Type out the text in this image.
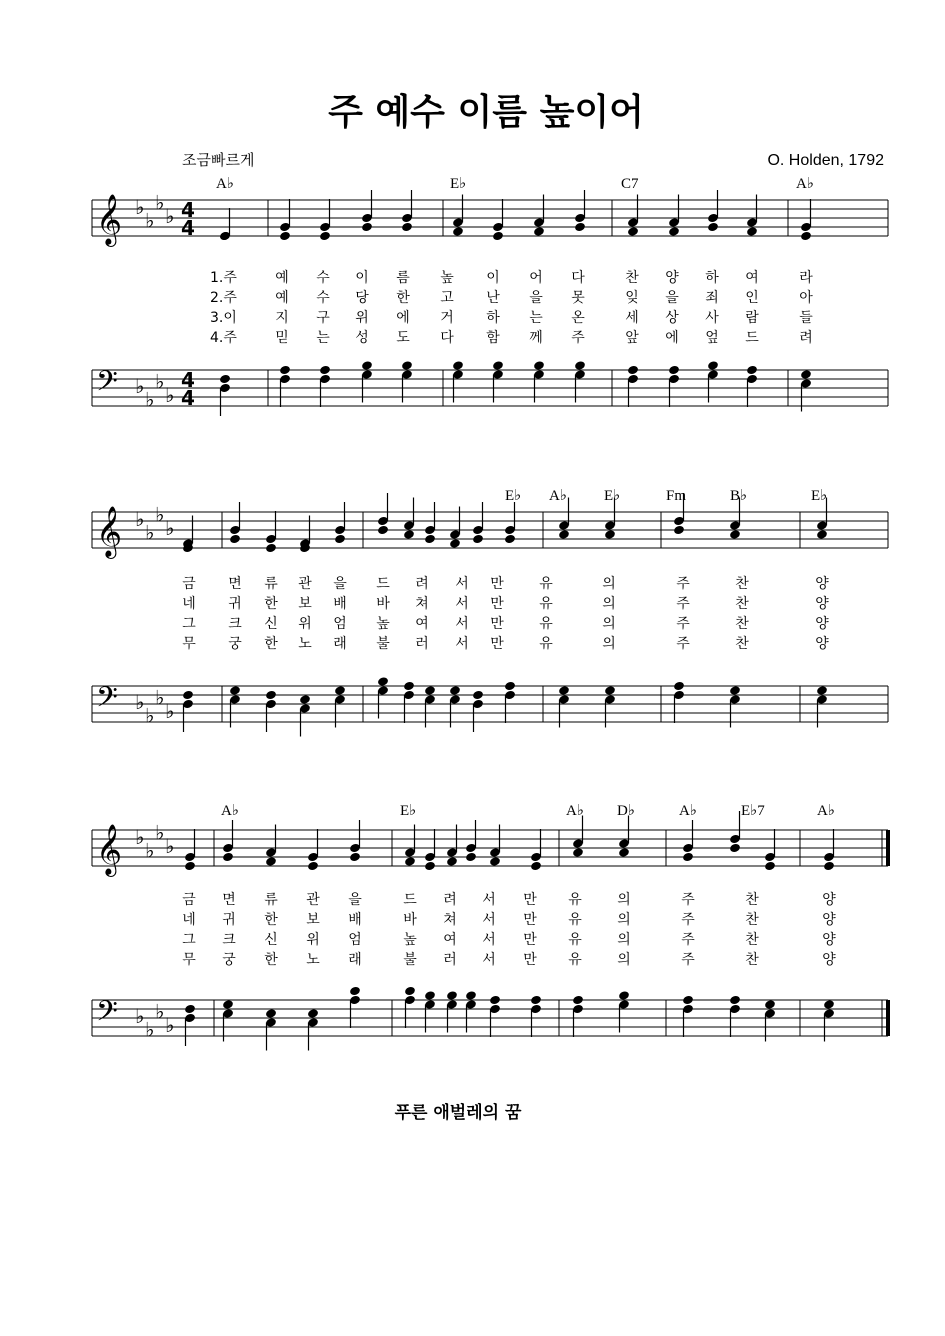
주 예수 이름 높이어
조금빠르게	O. Holden, 1792
A♭	E♭	C7	A♭
𝄞 ♭
♭
♭
♭ 4
4
𝄢 ♭
♭
♭
♭
4
4
1.주	예 수 이 름 높 이 어 다	찬 양 하 여	라
2.주	예 수 당 한 고 난 을 못	잊 을 죄 인	아
3.이	지 구 위 에 거 하 는 온	세 상 사 람	들
4.주	믿 는 성 도 다 함 께 주	앞 에 엎 드	려
E♭ A♭ E♭	Fm	B♭	E♭
𝄞 ♭
♭
♭
♭
𝄢 ♭
♭
♭
♭
금 면 류 관 을 드 려 서 만	유	의	주	찬	양
네 귀 한 보 배 바 쳐 서 만	유	의	주	찬	양
그 크 신 위 엄 높 여 서 만	유	의	주	찬	양
무 궁 한 노 래 불 러 서 만	유	의	주	찬	양
A♭	E♭	A♭ D♭	A♭	E♭7	A♭
𝄞 ♭
♭
♭
♭
𝄢 ♭
♭
♭
♭
금 면 류 관 을	드 려 서 만 유	의	주	찬	양
네 귀 한 보 배	바 쳐 서 만 유	의	주	찬	양
그 크 신 위 엄	높 여 서 만 유	의	주	찬	양
무 궁 한 노 래	불 러 서 만 유	의	주	찬	양
푸른 애벌레의 꿈
